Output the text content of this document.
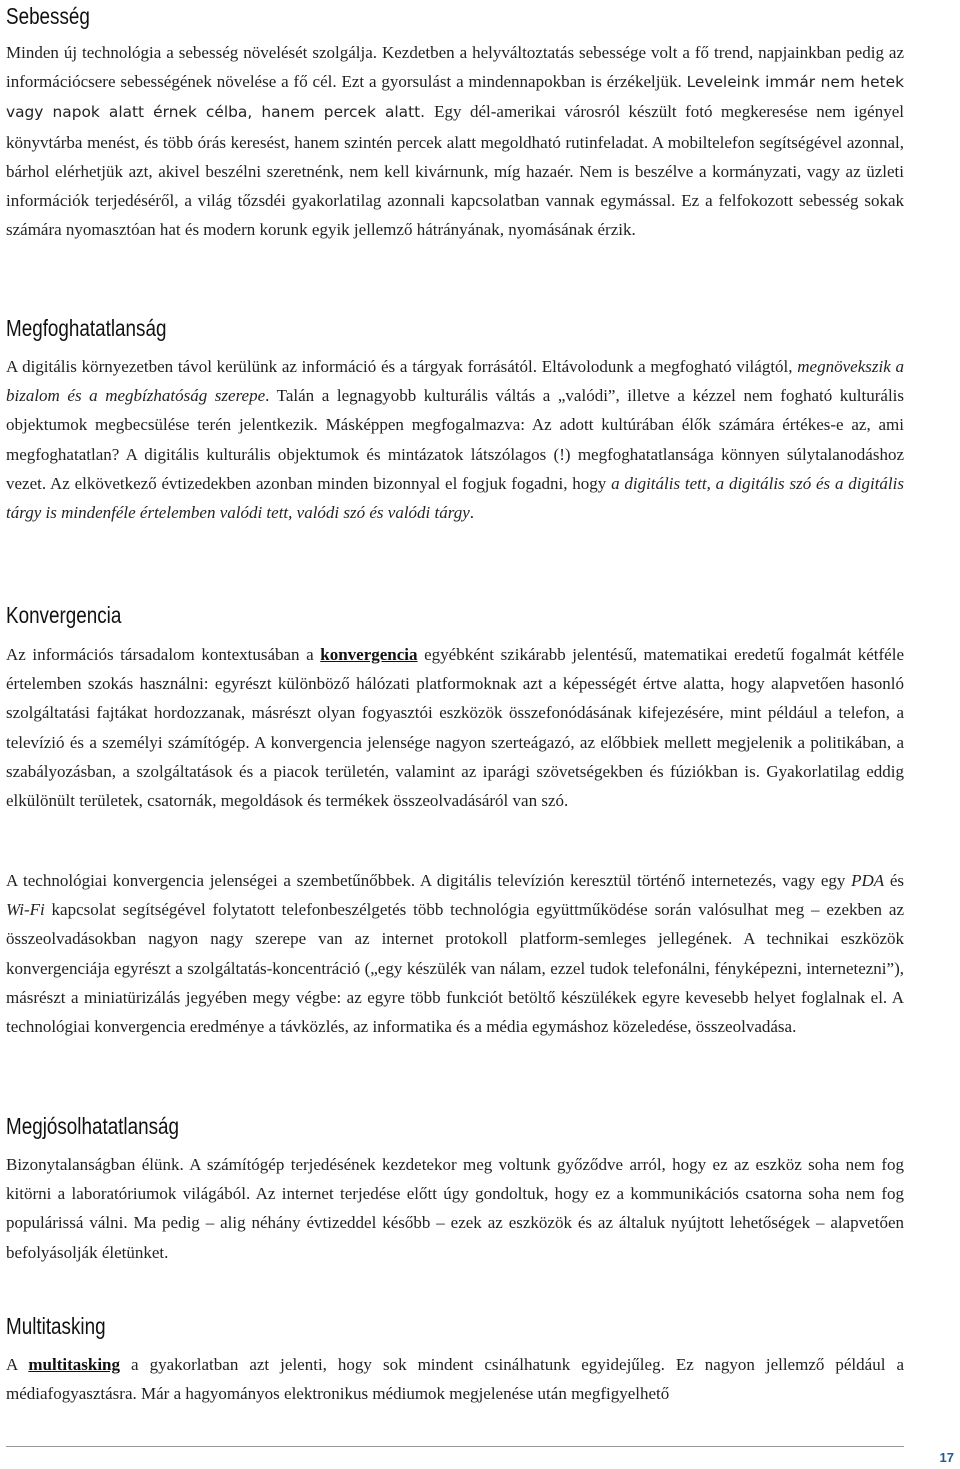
Sebesség

Minden új technológia a sebesség növelését szolgálja. Kezdetben a helyváltoztatás sebessége volt a fő trend, napjainkban pedig az információcsere sebességének növelése a fő cél. Ezt a gyorsulást a mindennapokban is érzékeljük. Leveleink immár nem hetek vagy napok alatt érnek célba, hanem percek alatt. Egy dél-amerikai városról készült fotó megkeresése nem igényel könyvtárba menést, és több órás keresést, hanem szintén percek alatt megoldható rutinfeladat. A mobiltelefon segítségével azonnal, bárhol elérhetjük azt, akivel beszélni szeretnénk, nem kell kivárnunk, míg hazaér. Nem is beszélve a kormányzati, vagy az üzleti információk terjedéséről, a világ tőzsdéi gyakorlatilag azonnali kapcsolatban vannak egymással. Ez a felfokozott sebesség sokak számára nyomasztóan hat és modern korunk egyik jellemző hátrányának, nyomásának érzik.

Megfoghatatlanság

A digitális környezetben távol kerülünk az információ és a tárgyak forrásától. Eltávolodunk a megfogható világtól, megnövekszik a bizalom és a megbízhatóság szerepe. Talán a legnagyobb kulturális váltás a „valódi”, illetve a kézzel nem fogható kulturális objektumok megbecsülése terén jelentkezik. Másképpen megfogalmazva: Az adott kultúrában élők számára értékes-e az, ami megfoghatatlan? A digitális kulturális objektumok és mintázatok látszólagos (!) megfoghatatlansága könnyen súlytalanodáshoz vezet. Az elkövetkező évtizedekben azonban minden bizonnyal el fogjuk fogadni, hogy a digitális tett, a digitális szó és a digitális tárgy is mindenféle értelemben valódi tett, valódi szó és valódi tárgy.

Konvergencia

Az információs társadalom kontextusában a konvergencia egyébként szikárabb jelentésű, matematikai eredetű fogalmát kétféle értelemben szokás használni: egyrészt különböző hálózati platformoknak azt a képességét értve alatta, hogy alapvetően hasonló szolgáltatási fajtákat hordozzanak, másrészt olyan fogyasztói eszközök összefonódásának kifejezésére, mint például a telefon, a televízió és a személyi számítógép. A konvergencia jelensége nagyon szerteágazó, az előbbiek mellett megjelenik a politikában, a szabályozásban, a szolgáltatások és a piacok területén, valamint az iparági szövetségekben és fúziókban is. Gyakorlatilag eddig elkülönült területek, csatornák, megoldások és termékek összeolvadásáról van szó.

A technológiai konvergencia jelenségei a szembetűnőbbek. A digitális televízión keresztül történő internetezés, vagy egy PDA és Wi-Fi kapcsolat segítségével folytatott telefonbeszélgetés több technológia együttműködése során valósulhat meg – ezekben az összeolvadásokban nagyon nagy szerepe van az internet protokoll platform-semleges jellegének. A technikai eszközök konvergenciája egyrészt a szolgáltatás-koncentráció („egy készülék van nálam, ezzel tudok telefonálni, fényképezni, internetezni”), másrészt a miniatürizálás jegyében megy végbe: az egyre több funkciót betöltő készülékek egyre kevesebb helyet foglalnak el. A technológiai konvergencia eredménye a távközlés, az informatika és a média egymáshoz közeledése, összeolvadása.

Megjósolhatatlanság

Bizonytalanságban élünk. A számítógép terjedésének kezdetekor meg voltunk győződve arról, hogy ez az eszköz soha nem fog kitörni a laboratóriumok világából. Az internet terjedése előtt úgy gondoltuk, hogy ez a kommunikációs csatorna soha nem fog populárissá válni. Ma pedig – alig néhány évtizeddel később – ezek az eszközök és az általuk nyújtott lehetőségek – alapvetően befolyásolják életünket.

Multitasking

A multitasking a gyakorlatban azt jelenti, hogy sok mindent csinálhatunk egyidejűleg. Ez nagyon jellemző például a médiafogyasztásra. Már a hagyományos elektronikus médiumok megjelenése után megfigyelhető

17
